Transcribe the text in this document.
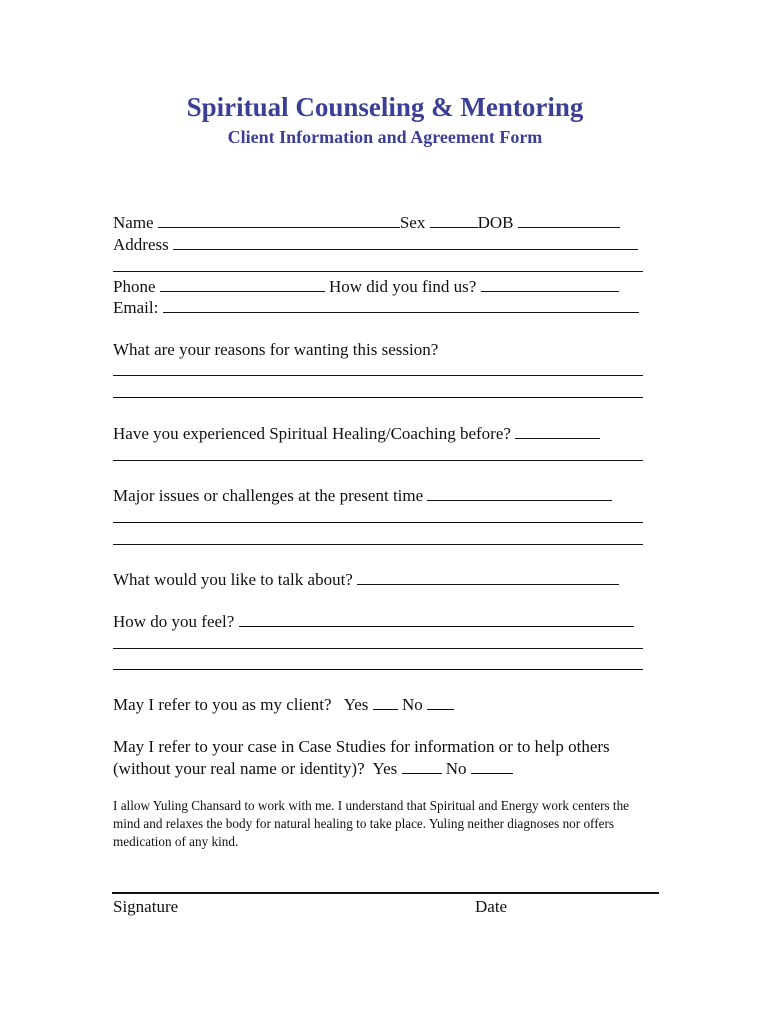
Spiritual Counseling & Mentoring
Client Information and Agreement Form
Name	Sex	DOB
Address
Phone	How did you find us?
Email:
What are your reasons for wanting this session?
Have you experienced Spiritual Healing/Coaching before?
Major issues or challenges at the present time
What would you like to talk about?
How do you feel?
May I refer to you as my client? Yes No
May I refer to your case in Case Studies for information or to help others
(without your real name or identity)? Yes	No
I allow Yuling Chansard to work with me. I understand that Spiritual and Energy work centers the mind and relaxes the body for natural healing to take place. Yuling neither diagnoses nor offers medication of any kind.
Signature	Date
